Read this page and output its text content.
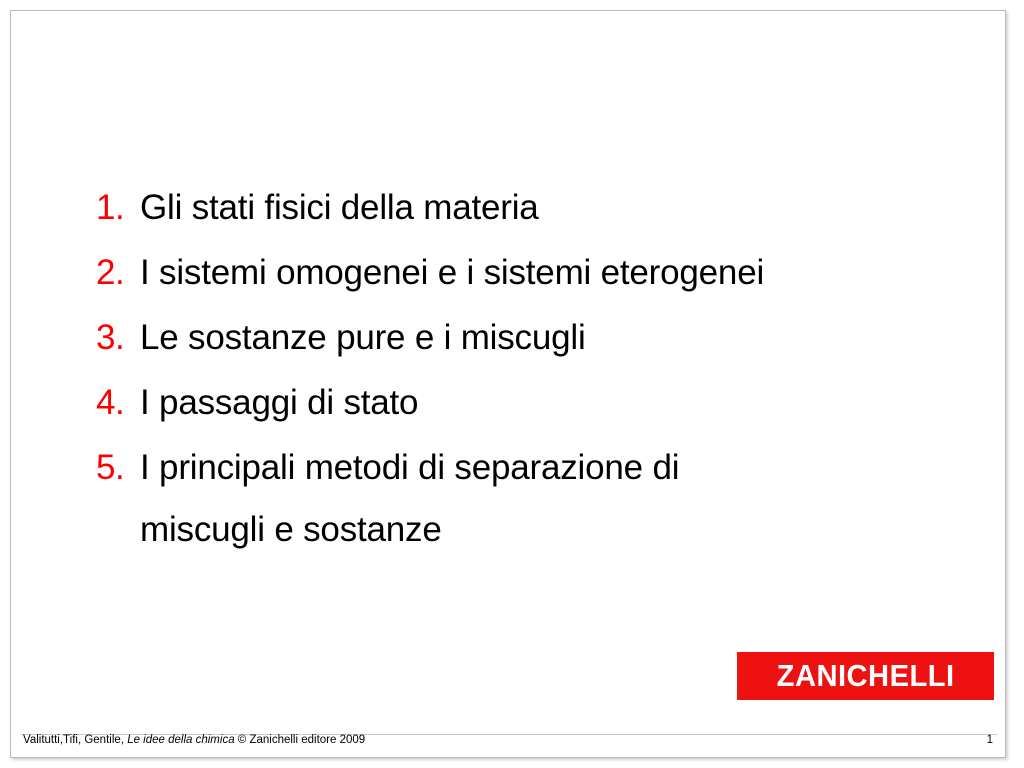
1. Gli stati fisici della materia
2. I sistemi omogenei e i sistemi eterogenei
3. Le sostanze pure e i miscugli
4. I passaggi di stato
5. I principali metodi di separazione di
miscugli e sostanze
ZANICHELLI
Valitutti,Tifi, Gentile, Le idee della chimica © Zanichelli editore 2009	1
